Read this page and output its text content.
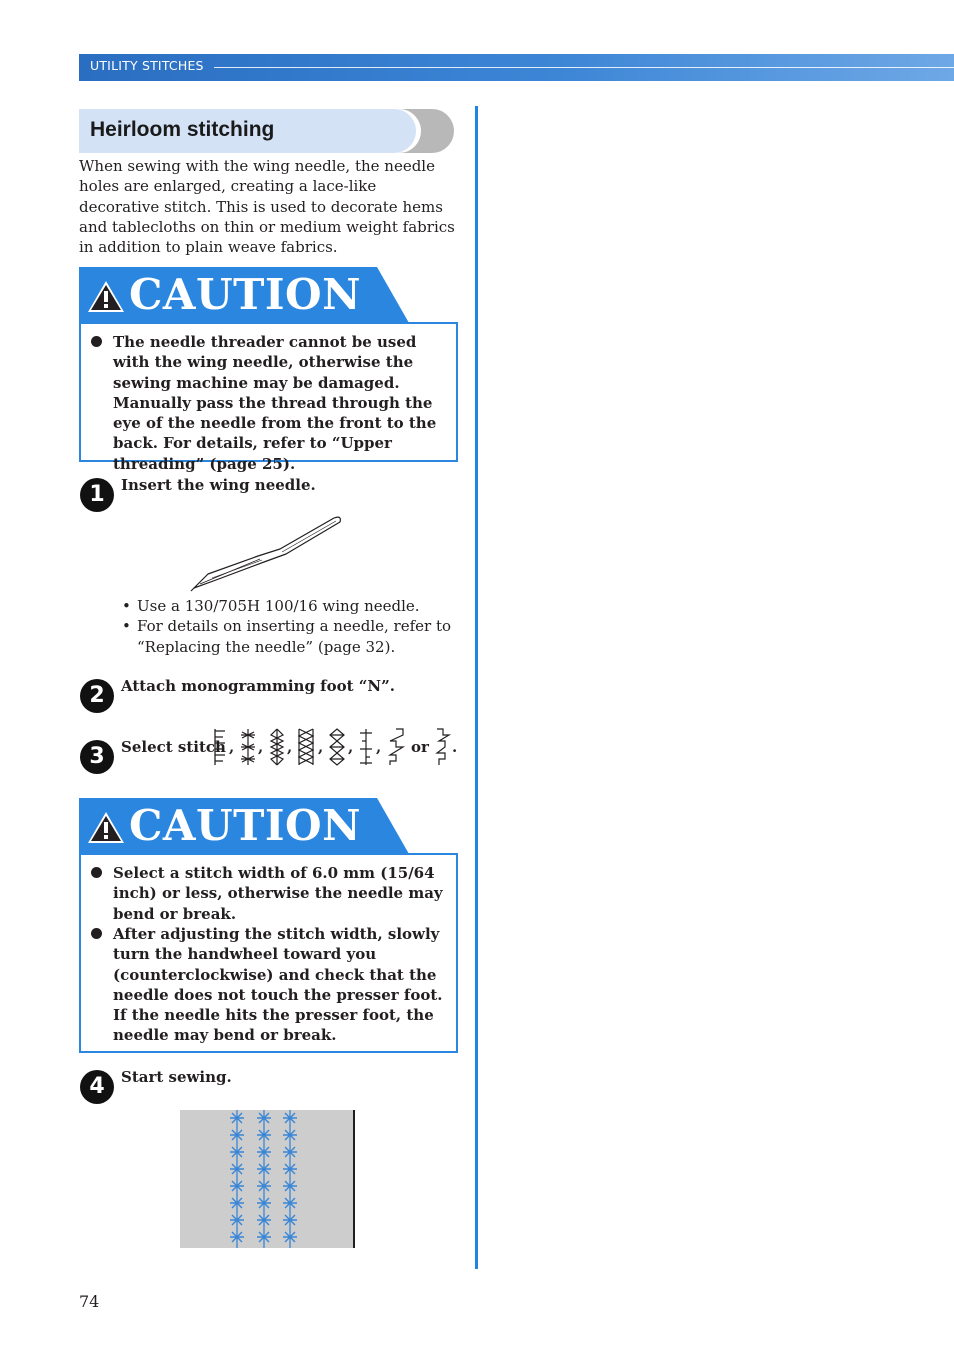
UTILITY STITCHES
Heirloom stitching
When sewing with the wing needle, the needle holes are enlarged, creating a lace-like decorative stitch. This is used to decorate hems and tablecloths on thin or medium weight fabrics in addition to plain weave fabrics.
CAUTION
The needle threader cannot be used with the wing needle, otherwise the sewing machine may be damaged. Manually pass the thread through the eye of the needle from the front to the back. For details, refer to “Upper threading” (page 25).
1	Insert the wing needle.
• Use a 130/705H 100/16 wing needle.
• For details on inserting a needle, refer to “Replacing the needle” (page 32).
2	Attach monogramming foot “N”.
3	Select stitch , , , , , , or .
CAUTION
Select a stitch width of 6.0 mm (15/64 inch) or less, otherwise the needle may bend or break.
After adjusting the stitch width, slowly turn the handwheel toward you (counterclockwise) and check that the needle does not touch the presser foot. If the needle hits the presser foot, the needle may bend or break.
4	Start sewing.
74
